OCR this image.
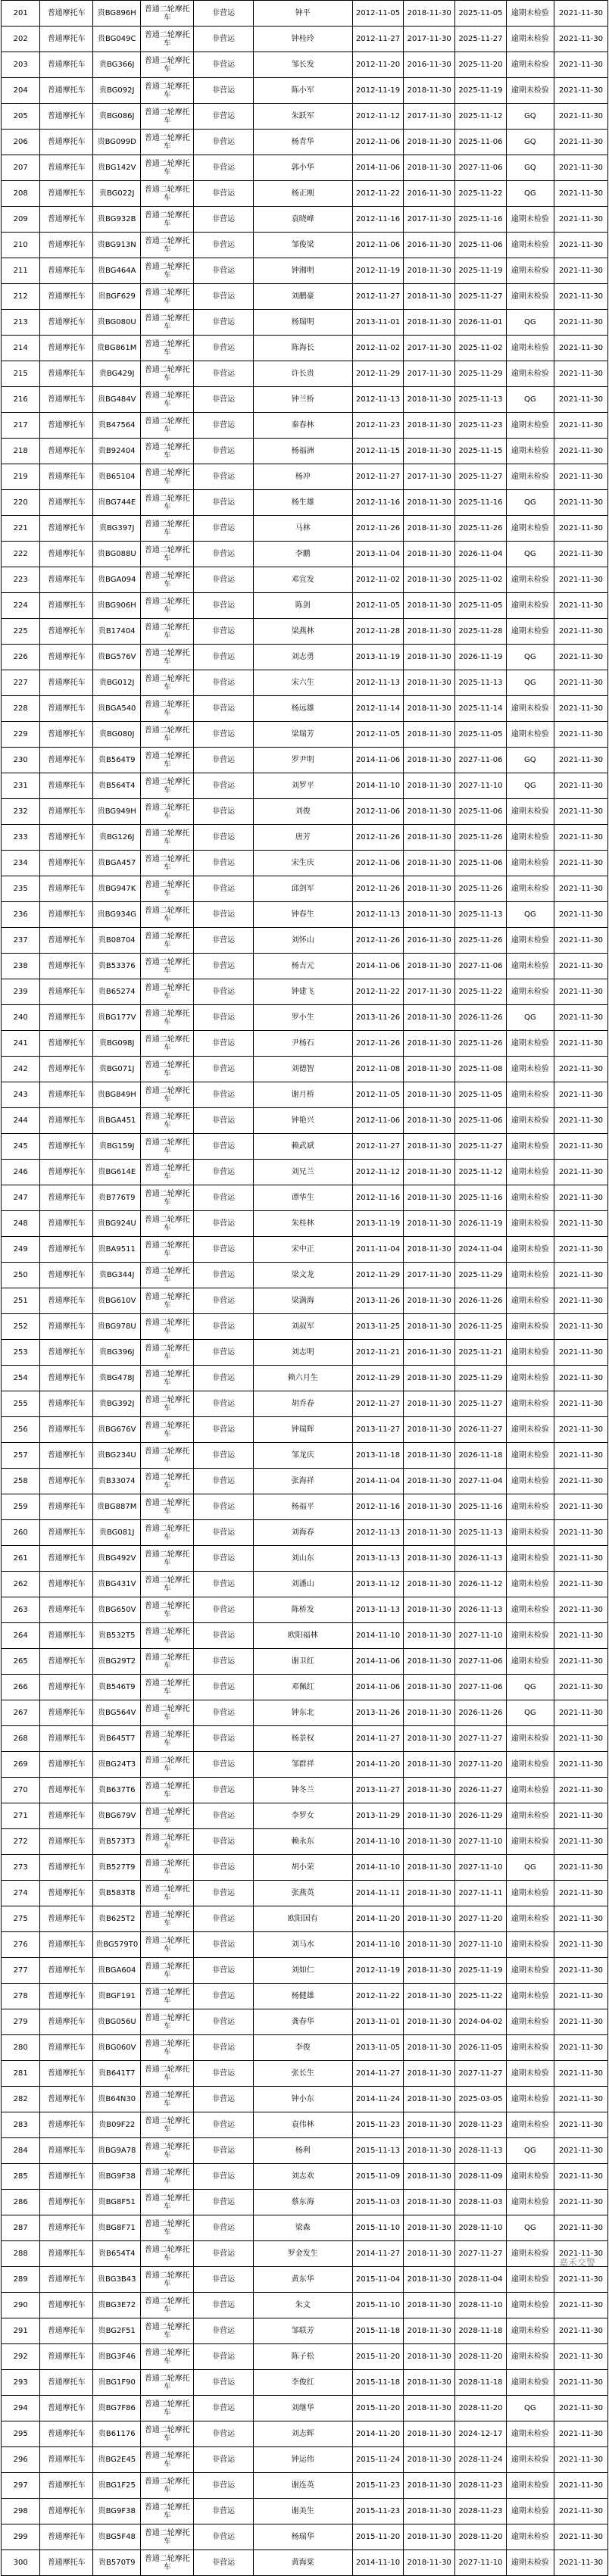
201	普通摩托车	贵BG896H	普通二轮摩托车	非营运	钟平	2012-11-05	2018-11-30	2025-11-05	逾期未检验	2021-11-30
202	普通摩托车	贵BG049C	普通二轮摩托车	非营运	钟桂玲	2012-11-27	2017-11-30	2025-11-27	逾期未检验	2021-11-30
203	普通摩托车	贵BG366J	普通二轮摩托车	非营运	邹长发	2012-11-20	2016-11-30	2025-11-20	逾期未检验	2021-11-30
204	普通摩托车	贵BG092J	普通二轮摩托车	非营运	陈小军	2012-11-19	2018-11-30	2025-11-19	逾期未检验	2021-11-30
205	普通摩托车	贵BG086J	普通二轮摩托车	非营运	朱跃军	2012-11-12	2017-11-30	2025-11-12	GQ	2021-11-30
206	普通摩托车	贵BG099D	普通二轮摩托车	非营运	杨青华	2012-11-06	2018-11-30	2025-11-06	GQ	2021-11-30
207	普通摩托车	贵BG142V	普通二轮摩托车	非营运	郭小华	2014-11-06	2018-11-30	2027-11-06	GQ	2021-11-30
208	普通摩托车	贵BG022J	普通二轮摩托车	非营运	杨正刚	2012-11-22	2016-11-30	2025-11-22	QG	2021-11-30
209	普通摩托车	贵BG932B	普通二轮摩托车	非营运	袁晓峰	2012-11-16	2017-11-30	2025-11-16	逾期未检验	2021-11-30
210	普通摩托车	贵BG913N	普通二轮摩托车	非营运	邹俊梁	2012-11-06	2016-11-30	2025-11-06	逾期未检验	2021-11-30
211	普通摩托车	贵BG464A	普通二轮摩托车	非营运	钟湘明	2012-11-19	2018-11-30	2025-11-19	逾期未检验	2021-11-30
212	普通摩托车	贵BGF629	普通二轮摩托车	非营运	刘鹏豪	2012-11-27	2018-11-30	2025-11-27	逾期未检验	2021-11-30
213	普通摩托车	贵BG080U	普通二轮摩托车	非营运	杨瑞明	2013-11-01	2018-11-30	2026-11-01	QG	2021-11-30
214	普通摩托车	贵BG861M	普通二轮摩托车	非营运	陈海长	2012-11-02	2017-11-30	2025-11-02	逾期未检验	2021-11-30
215	普通摩托车	贵BG429J	普通二轮摩托车	非营运	许长贵	2012-11-29	2017-11-30	2025-11-29	逾期未检验	2021-11-30
216	普通摩托车	贵BG484V	普通二轮摩托车	非营运	钟兰桥	2012-11-13	2018-11-30	2025-11-13	QG	2021-11-30
217	普通摩托车	贵B47564	普通二轮摩托车	非营运	秦春林	2012-11-23	2018-11-30	2025-11-23	逾期未检验	2021-11-30
218	普通摩托车	贵B92404	普通二轮摩托车	非营运	杨福洲	2012-11-15	2018-11-30	2025-11-15	逾期未检验	2021-11-30
219	普通摩托车	贵B65104	普通二轮摩托车	非营运	杨冲	2012-11-27	2017-11-30	2025-11-27	逾期未检验	2021-11-30
220	普通摩托车	贵BG744E	普通二轮摩托车	非营运	杨生雄	2012-11-16	2018-11-30	2025-11-16	QG	2021-11-30
221	普通摩托车	贵BG397J	普通二轮摩托车	非营运	马林	2012-11-26	2018-11-30	2025-11-26	逾期未检验	2021-11-30
222	普通摩托车	贵BG088U	普通二轮摩托车	非营运	李鹏	2013-11-04	2018-11-30	2026-11-04	QG	2021-11-30
223	普通摩托车	贵BGA094	普通二轮摩托车	非营运	邓宜发	2012-11-02	2018-11-30	2025-11-02	逾期未检验	2021-11-30
224	普通摩托车	贵BG906H	普通二轮摩托车	非营运	陈剑	2012-11-05	2018-11-30	2025-11-05	逾期未检验	2021-11-30
225	普通摩托车	贵B17404	普通二轮摩托车	非营运	梁燕林	2012-11-28	2018-11-30	2025-11-28	逾期未检验	2021-11-30
226	普通摩托车	贵BG576V	普通二轮摩托车	非营运	刘志勇	2013-11-19	2018-11-30	2026-11-19	QG	2021-11-30
227	普通摩托车	贵BG012J	普通二轮摩托车	非营运	宋六生	2012-11-13	2018-11-30	2025-11-13	QG	2021-11-30
228	普通摩托车	贵BGA540	普通二轮摩托车	非营运	杨远雄	2012-11-14	2018-11-30	2025-11-14	逾期未检验	2021-11-30
229	普通摩托车	贵BG080J	普通二轮摩托车	非营运	梁瑞芳	2012-11-05	2018-11-30	2025-11-05	逾期未检验	2021-11-30
230	普通摩托车	贵B564T9	普通二轮摩托车	非营运	罗尹明	2014-11-06	2018-11-30	2027-11-06	GQ	2021-11-30
231	普通摩托车	贵B564T4	普通二轮摩托车	非营运	刘罗平	2014-11-10	2018-11-30	2027-11-10	QG	2021-11-30
232	普通摩托车	贵BG949H	普通二轮摩托车	非营运	刘俊	2012-11-06	2018-11-30	2025-11-06	逾期未检验	2021-11-30
233	普通摩托车	贵BG126J	普通二轮摩托车	非营运	唐芳	2012-11-26	2018-11-30	2025-11-26	逾期未检验	2021-11-30
234	普通摩托车	贵BGA457	普通二轮摩托车	非营运	宋生庆	2012-11-06	2018-11-30	2025-11-06	逾期未检验	2021-11-30
235	普通摩托车	贵BG947K	普通二轮摩托车	非营运	邱剑军	2012-11-26	2018-11-30	2025-11-26	逾期未检验	2021-11-30
236	普通摩托车	贵BG934G	普通二轮摩托车	非营运	钟春生	2012-11-13	2018-11-30	2025-11-13	QG	2021-11-30
237	普通摩托车	贵B08704	普通二轮摩托车	非营运	刘怀山	2012-11-26	2016-11-30	2025-11-26	逾期未检验	2021-11-30
238	普通摩托车	贵B53376	普通二轮摩托车	非营运	杨吉元	2014-11-06	2018-11-30	2027-11-06	逾期未检验	2021-11-30
239	普通摩托车	贵B65274	普通二轮摩托车	非营运	钟建飞	2012-11-22	2017-11-30	2025-11-22	逾期未检验	2021-11-30
240	普通摩托车	贵BG177V	普通二轮摩托车	非营运	罗小生	2013-11-26	2018-11-30	2026-11-26	QG	2021-11-30
241	普通摩托车	贵BG098J	普通二轮摩托车	非营运	尹杨石	2012-11-26	2018-11-30	2025-11-26	逾期未检验	2021-11-30
242	普通摩托车	贵BG071J	普通二轮摩托车	非营运	刘德智	2012-11-08	2018-11-30	2025-11-08	逾期未检验	2021-11-30
243	普通摩托车	贵BG849H	普通二轮摩托车	非营运	谢月桥	2012-11-05	2018-11-30	2025-11-05	逾期未检验	2021-11-30
244	普通摩托车	贵BGA451	普通二轮摩托车	非营运	钟艳兴	2012-11-06	2018-11-30	2025-11-06	逾期未检验	2021-11-30
245	普通摩托车	贵BG159J	普通二轮摩托车	非营运	赖武斌	2012-11-27	2018-11-30	2025-11-27	逾期未检验	2021-11-30
246	普通摩托车	贵BG614E	普通二轮摩托车	非营运	刘兄兰	2012-11-12	2018-11-30	2025-11-12	逾期未检验	2021-11-30
247	普通摩托车	贵B776T9	普通二轮摩托车	非营运	谭华生	2012-11-16	2018-11-30	2025-11-16	逾期未检验	2021-11-30
248	普通摩托车	贵BG924U	普通二轮摩托车	非营运	朱桂林	2013-11-19	2018-11-30	2026-11-19	逾期未检验	2021-11-30
249	普通摩托车	贵BA9511	普通二轮摩托车	非营运	宋中正	2011-11-04	2018-11-30	2024-11-04	逾期未检验	2021-11-30
250	普通摩托车	贵BG344J	普通二轮摩托车	非营运	梁文龙	2012-11-29	2017-11-30	2025-11-29	逾期未检验	2021-11-30
251	普通摩托车	贵BG610V	普通二轮摩托车	非营运	梁满海	2013-11-26	2018-11-30	2026-11-26	逾期未检验	2021-11-30
252	普通摩托车	贵BG978U	普通二轮摩托车	非营运	刘叔军	2013-11-25	2018-11-30	2026-11-25	逾期未检验	2021-11-30
253	普通摩托车	贵BG396J	普通二轮摩托车	非营运	刘志明	2012-11-21	2016-11-30	2025-11-21	逾期未检验	2021-11-30
254	普通摩托车	贵BG478J	普通二轮摩托车	非营运	赖六月生	2012-11-29	2018-11-30	2025-11-29	逾期未检验	2021-11-30
255	普通摩托车	贵BG392J	普通二轮摩托车	非营运	胡乔春	2012-11-27	2018-11-30	2025-11-27	逾期未检验	2021-11-30
256	普通摩托车	贵BG676V	普通二轮摩托车	非营运	钟瑞辉	2013-11-27	2018-11-30	2026-11-27	逾期未检验	2021-11-30
257	普通摩托车	贵BG234U	普通二轮摩托车	非营运	邹龙庆	2013-11-18	2018-11-30	2026-11-18	逾期未检验	2021-11-30
258	普通摩托车	贵B33074	普通二轮摩托车	非营运	张海祥	2014-11-04	2018-11-30	2027-11-04	逾期未检验	2021-11-30
259	普通摩托车	贵BG887M	普通二轮摩托车	非营运	杨福平	2012-11-16	2018-11-30	2025-11-16	逾期未检验	2021-11-30
260	普通摩托车	贵BG081J	普通二轮摩托车	非营运	刘海春	2012-11-13	2018-11-30	2025-11-13	逾期未检验	2021-11-30
261	普通摩托车	贵BG492V	普通二轮摩托车	非营运	刘山东	2013-11-13	2018-11-30	2026-11-13	逾期未检验	2021-11-30
262	普通摩托车	贵BG431V	普通二轮摩托车	非营运	刘潘山	2013-11-12	2018-11-30	2026-11-12	逾期未检验	2021-11-30
263	普通摩托车	贵BG650V	普通二轮摩托车	非营运	陈桥发	2013-11-13	2018-11-30	2026-11-13	逾期未检验	2021-11-30
264	普通摩托车	贵B532T5	普通二轮摩托车	非营运	欧阳福林	2014-11-10	2018-11-30	2027-11-10	逾期未检验	2021-11-30
265	普通摩托车	贵BG29T2	普通二轮摩托车	非营运	谢卫红	2014-11-06	2018-11-30	2027-11-06	逾期未检验	2021-11-30
266	普通摩托车	贵B546T9	普通二轮摩托车	非营运	邓佩红	2014-11-06	2018-11-30	2027-11-06	QG	2021-11-30
267	普通摩托车	贵BG564V	普通二轮摩托车	非营运	钟东北	2013-11-26	2018-11-30	2026-11-26	QG	2021-11-30
268	普通摩托车	贵B645T7	普通二轮摩托车	非营运	杨景权	2014-11-27	2018-11-30	2027-11-27	逾期未检验	2021-11-30
269	普通摩托车	贵BG24T3	普通二轮摩托车	非营运	邹群祥	2014-11-20	2018-11-30	2027-11-20	逾期未检验	2021-11-30
270	普通摩托车	贵B637T6	普通二轮摩托车	非营运	钟冬兰	2013-11-27	2018-11-30	2026-11-27	逾期未检验	2021-11-30
271	普通摩托车	贵BG679V	普通二轮摩托车	非营运	李罗女	2013-11-29	2018-11-30	2026-11-29	逾期未检验	2021-11-30
272	普通摩托车	贵B573T3	普通二轮摩托车	非营运	赖永东	2014-11-10	2018-11-30	2027-11-10	逾期未检验	2021-11-30
273	普通摩托车	贵B527T9	普通二轮摩托车	非营运	胡小荣	2014-11-10	2018-11-30	2027-11-10	QG	2021-11-30
274	普通摩托车	贵B583T8	普通二轮摩托车	非营运	张燕英	2014-11-11	2018-11-30	2027-11-11	逾期未检验	2021-11-30
275	普通摩托车	贵B625T2	普通二轮摩托车	非营运	欧阳国有	2014-11-20	2018-11-30	2027-11-20	逾期未检验	2021-11-30
276	普通摩托车	贵BG579T0	普通二轮摩托车	非营运	刘马水	2014-11-10	2018-11-30	2027-11-10	逾期未检验	2021-11-30
277	普通摩托车	贵BGA604	普通二轮摩托车	非营运	刘如仁	2012-11-19	2018-11-30	2025-11-19	逾期未检验	2021-11-30
278	普通摩托车	贵BGF191	普通二轮摩托车	非营运	杨健雄	2012-11-22	2018-11-30	2025-11-22	逾期未检验	2021-11-30
279	普通摩托车	贵BG056U	普通二轮摩托车	非营运	龚春华	2013-11-01	2018-11-30	2024-04-02	逾期未检验	2021-11-30
280	普通摩托车	贵BG060V	普通二轮摩托车	非营运	李俊	2013-11-05	2018-11-30	2026-11-05	逾期未检验	2021-11-30
281	普通摩托车	贵B641T7	普通二轮摩托车	非营运	张长生	2014-11-27	2018-11-30	2027-11-27	逾期未检验	2021-11-30
282	普通摩托车	贵B64N30	普通二轮摩托车	非营运	钟小东	2014-11-24	2018-11-30	2025-03-05	逾期未检验	2021-11-30
283	普通摩托车	贵B09F22	普通二轮摩托车	非营运	袁伟林	2015-11-23	2018-11-30	2028-11-23	逾期未检验	2021-11-30
284	普通摩托车	贵BG9A78	普通二轮摩托车	非营运	杨利	2015-11-13	2018-11-30	2028-11-13	QG	2021-11-30
285	普通摩托车	贵BG9F38	普通二轮摩托车	非营运	刘志欢	2015-11-09	2018-11-30	2028-11-09	逾期未检验	2021-11-30
286	普通摩托车	贵BG8F51	普通二轮摩托车	非营运	蔡东海	2015-11-03	2018-11-30	2028-11-03	逾期未检验	2021-11-30
287	普通摩托车	贵BG8F71	普通二轮摩托车	非营运	梁森	2015-11-10	2018-11-30	2028-11-10	QG	2021-11-30
288	普通摩托车	贵B654T4	普通二轮摩托车	非营运	罗金发生	2014-11-27	2018-11-30	2027-11-27	逾期未检验	2021-11-30
289	普通摩托车	贵BG3B43	普通二轮摩托车	非营运	黄东华	2015-11-04	2018-11-30	2028-11-04	逾期未检验	2021-11-30
290	普通摩托车	贵BG3E72	普通二轮摩托车	非营运	朱文	2015-11-10	2018-11-30	2028-11-10	逾期未检验	2021-11-30
291	普通摩托车	贵BG2F51	普通二轮摩托车	非营运	邹联芳	2015-11-18	2018-11-30	2028-11-18	逾期未检验	2021-11-30
292	普通摩托车	贵BG3F46	普通二轮摩托车	非营运	陈子松	2015-11-20	2018-11-30	2028-11-20	逾期未检验	2021-11-30
293	普通摩托车	贵BG1F90	普通二轮摩托车	非营运	李俊红	2015-11-18	2018-11-30	2028-11-18	逾期未检验	2021-11-30
294	普通摩托车	贵BG7F86	普通二轮摩托车	非营运	刘继华	2015-11-20	2018-11-30	2028-11-20	QG	2021-11-30
295	普通摩托车	贵B61176	普通二轮摩托车	非营运	刘志辉	2014-11-20	2018-11-30	2024-12-17	逾期未检验	2021-11-30
296	普通摩托车	贵BG2E45	普通二轮摩托车	非营运	钟运伟	2015-11-24	2018-11-30	2028-11-24	逾期未检验	2021-11-30
297	普通摩托车	贵BG1F25	普通二轮摩托车	非营运	谢连英	2015-11-23	2018-11-30	2028-11-23	逾期未检验	2021-11-30
298	普通摩托车	贵BG9F38	普通二轮摩托车	非营运	谢美生	2015-11-23	2018-11-30	2028-11-23	逾期未检验	2021-11-30
299	普通摩托车	贵BG5F48	普通二轮摩托车	非营运	杨瑞华	2015-11-20	2018-11-30	2028-11-20	逾期未检验	2021-11-30
300	普通摩托车	贵B570T9	普通二轮摩托车	非营运	黄海棠	2014-11-10	2018-11-30	2027-11-10	逾期未检验	2021-11-30
嘉禾交警
